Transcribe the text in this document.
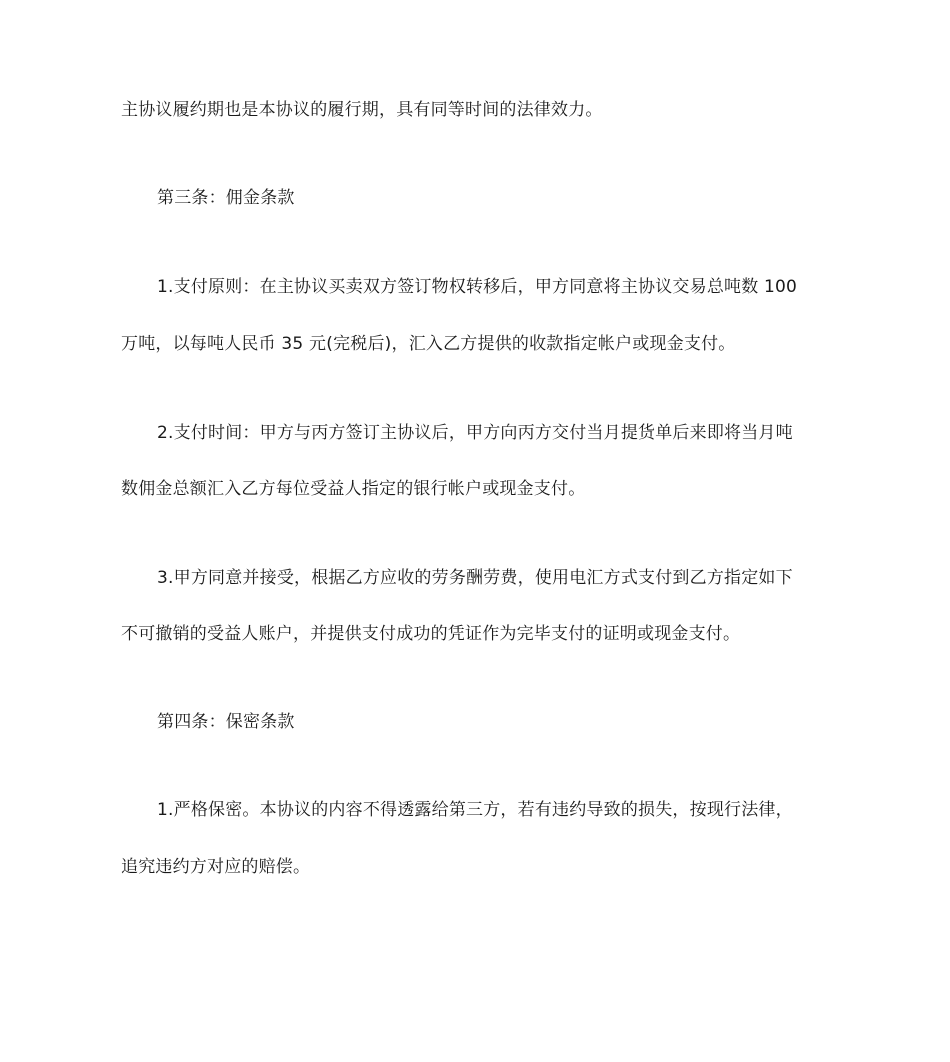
主协议履约期也是本协议的履行期，具有同等时间的法律效力。
第三条：佣金条款
1.支付原则：在主协议买卖双方签订物权转移后，甲方同意将主协议交易总吨数 100
万吨，以每吨人民币 35 元(完税后)，汇入乙方提供的收款指定帐户或现金支付。
2.支付时间：甲方与丙方签订主协议后，甲方向丙方交付当月提货单后来即将当月吨
数佣金总额汇入乙方每位受益人指定的银行帐户或现金支付。
3.甲方同意并接受，根据乙方应收的劳务酬劳费，使用电汇方式支付到乙方指定如下
不可撤销的受益人账户，并提供支付成功的凭证作为完毕支付的证明或现金支付。
第四条：保密条款
1.严格保密。本协议的内容不得透露给第三方，若有违约导致的损失，按现行法律，
追究违约方对应的赔偿。
